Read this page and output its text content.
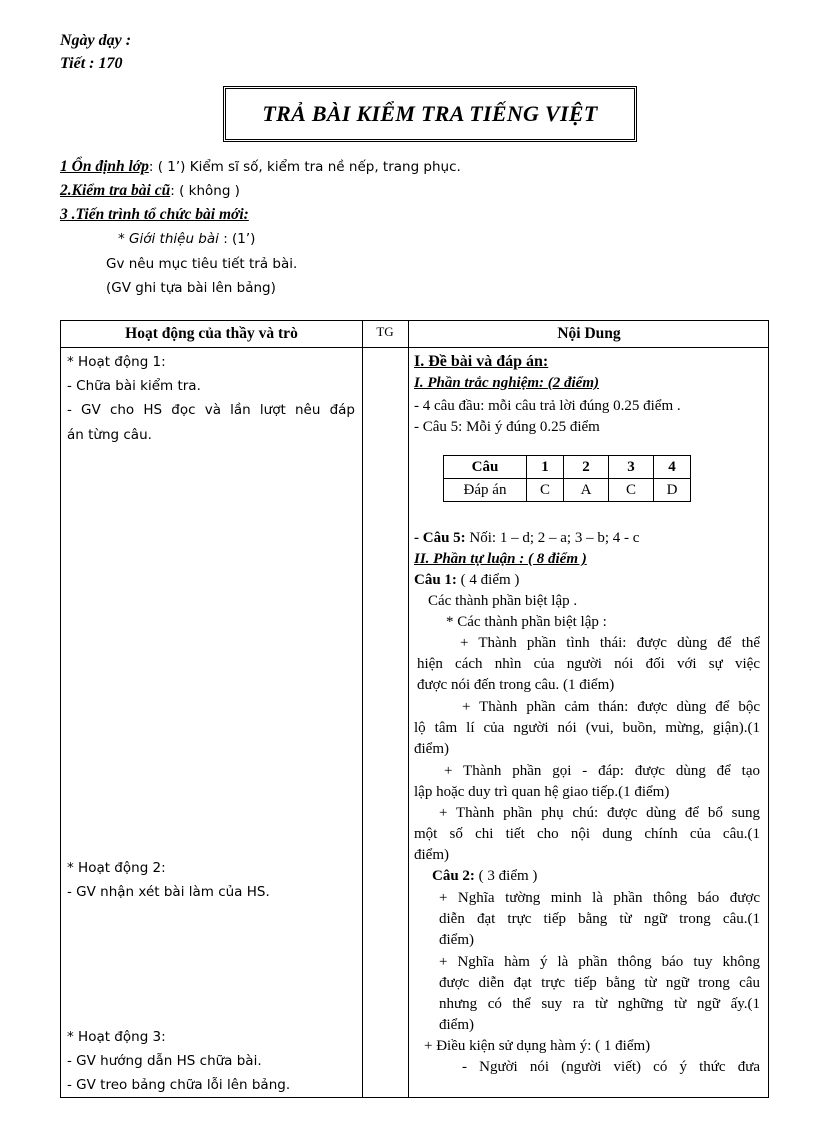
Ngày dạy :
Tiết : 170
TRẢ BÀI KIỂM TRA TIẾNG VIỆT
1 Ổn định lớp: ( 1’) Kiểm sĩ số, kiểm tra nề nếp, trang phục.
2.Kiểm tra bài cũ: ( không )
3 .Tiến trình tổ chức bài mới:
* Giới thiệu bài : (1’)
Gv nêu mục tiêu tiết trả bài.
(GV ghi tựa bài lên bảng)
Hoạt động của thầy và trò	TG	Nội Dung
* Hoạt động 1:
- Chữa bài kiểm tra.
- GV cho HS đọc và lần lượt nêu đáp
án từng câu.
* Hoạt động 2:
- GV nhận xét bài làm của HS.
* Hoạt động 3:
- GV hướng dẫn HS chữa bài.
- GV treo bảng chữa lỗi lên bảng.
I. Đề bài và đáp án:
I. Phần trắc nghiệm: (2 điểm)
- 4 câu đầu: mỗi câu trả lời đúng 0.25 điểm .
- Câu 5: Mỗi ý đúng 0.25 điểm
Câu	1	2	3	4
Đáp án	C	A	C	D
- Câu 5: Nối: 1 – d; 2 – a; 3 – b; 4 - c
II. Phần tự luận : ( 8 điểm )
Câu 1: ( 4 điểm )
Các thành phần biệt lập .
* Các thành phần biệt lập :
+ Thành phần tình thái: được dùng để thể
hiện cách nhìn của người nói đối với sự việc
được nói đến trong câu. (1 điểm)
+ Thành phần cảm thán: được dùng để bộc
lộ tâm lí của người nói (vui, buồn, mừng, giận).(1
điểm)
+ Thành phần gọi - đáp: được dùng để tạo
lập hoặc duy trì quan hệ giao tiếp.(1 điểm)
+ Thành phần phụ chú: được dùng để bổ sung
một số chi tiết cho nội dung chính của câu.(1
điểm)
Câu 2: ( 3 điểm )
+ Nghĩa tường minh là phần thông báo được
diễn đạt trực tiếp bằng từ ngữ trong câu.(1
điểm)
+ Nghĩa hàm ý là phần thông báo tuy không
được diễn đạt trực tiếp bằng từ ngữ trong câu
nhưng có thể suy ra từ nghững từ ngữ ấy.(1
điểm)
+ Điều kiện sử dụng hàm ý: ( 1 điểm)
- Người nói (người viết) có ý thức đưa
